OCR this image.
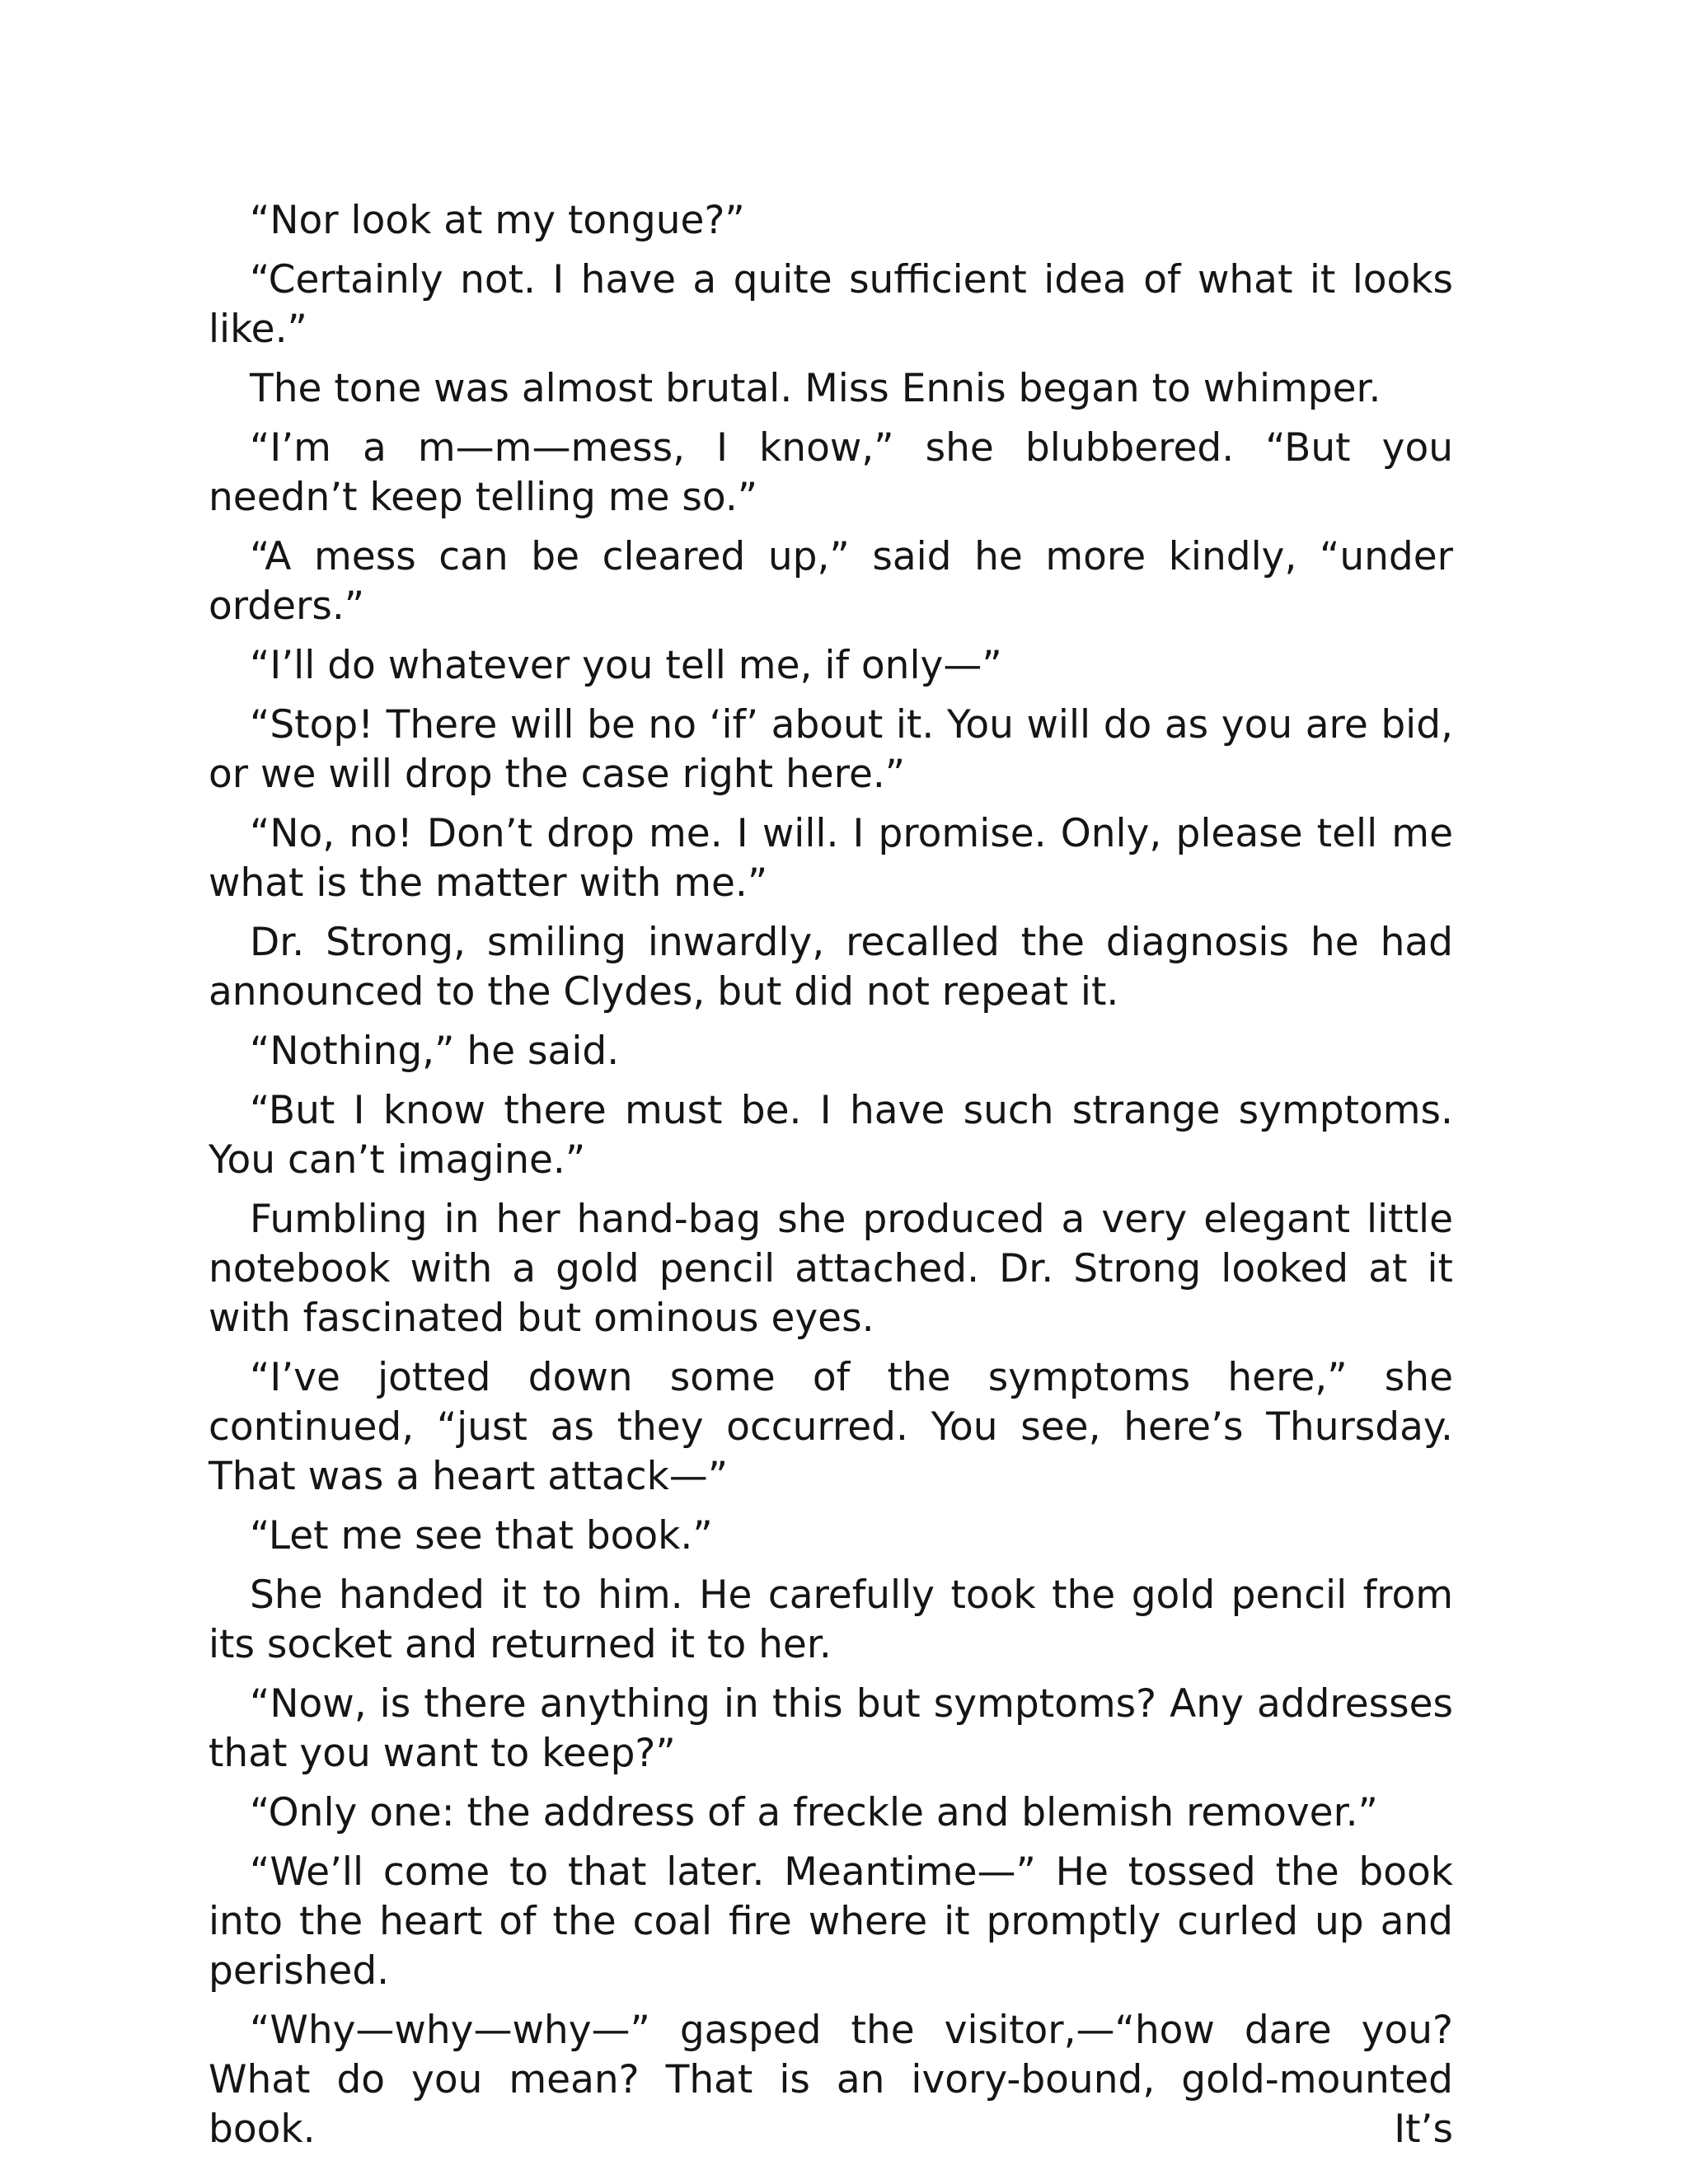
“Nor look at my tongue?”

“Certainly not. I have a quite sufficient idea of what it looks like.”

The tone was almost brutal. Miss Ennis began to whimper.

“I’m a m—m—mess, I know,” she blubbered. “But you needn’t keep telling me so.”

“A mess can be cleared up,” said he more kindly, “under orders.”

“I’ll do whatever you tell me, if only—”

“Stop! There will be no ‘if’ about it. You will do as you are bid, or we will drop the case right here.”

“No, no! Don’t drop me. I will. I promise. Only, please tell me what is the matter with me.”

Dr. Strong, smiling inwardly, recalled the diagnosis he had announced to the Clydes, but did not repeat it.

“Nothing,” he said.

“But I know there must be. I have such strange symptoms. You can’t imagine.”

Fumbling in her hand-bag she produced a very elegant little notebook with a gold pencil attached. Dr. Strong looked at it with fascinated but ominous eyes.

“I’ve jotted down some of the symptoms here,” she continued, “just as they occurred. You see, here’s Thursday. That was a heart attack—”

“Let me see that book.”

She handed it to him. He carefully took the gold pencil from its socket and returned it to her.

“Now, is there anything in this but symptoms? Any addresses that you want to keep?”

“Only one: the address of a freckle and blemish remover.”

“We’ll come to that later. Meantime—” He tossed the book into the heart of the coal fire where it promptly curled up and perished.

“Why—why—why—” gasped the visitor,—“how dare you? What do you mean? That is an ivory-bound, gold-mounted book. It’s
